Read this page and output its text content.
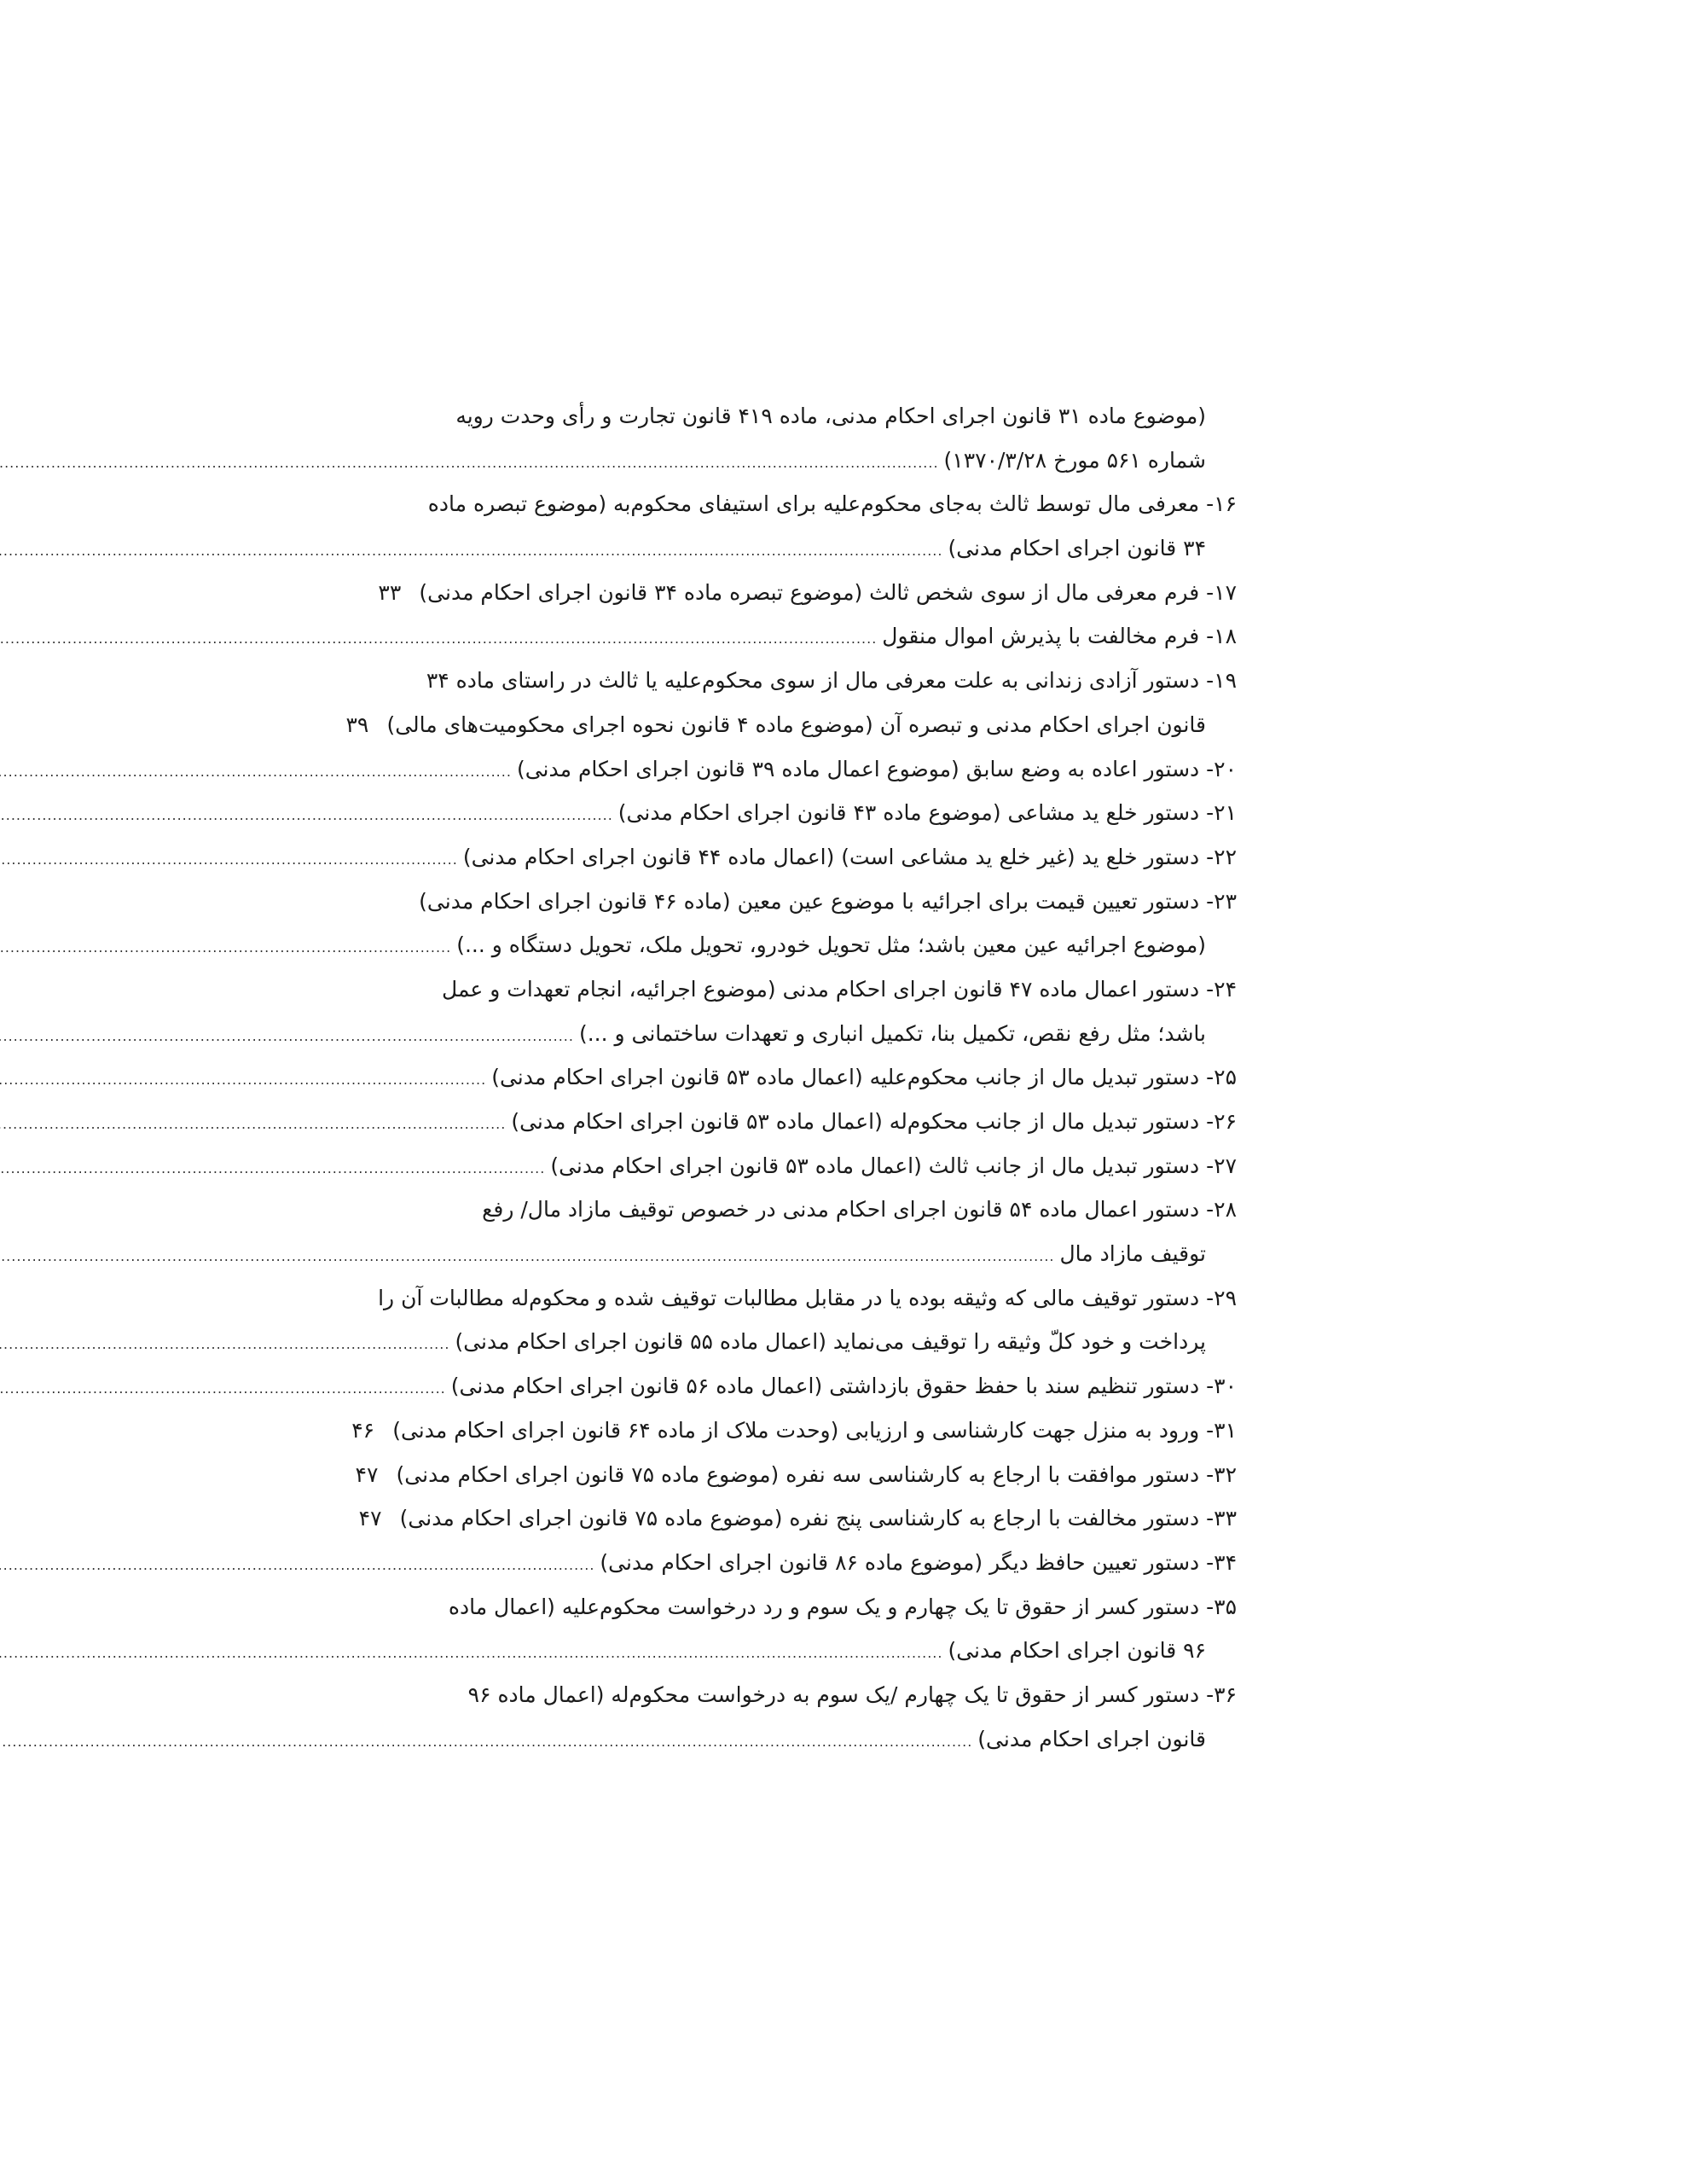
(موضوع ماده ۳۱ قانون اجرای احکام مدنی، ماده ۴۱۹ قانون تجارت و رأی وحدت رویه
شماره ۵۶۱ مورخ ۱۳۷۰/۳/۲۸)
.....
۱۶- معرفی مال توسط ثالث به‌جای محکوم‌علیه برای استیفای محکوم‌به (موضوع تبصره ماده
۳۴ قانون اجرای احکام مدنی)
.....
۱۷- فرم معرفی مال از سوی شخص ثالث (موضوع تبصره ماده ۳۴ قانون اجرای احکام مدنی)
۳۳
۱۸- فرم مخالفت با پذیرش اموال منقول
.....
۱۹- دستور آزادی زندانی به علت معرفی مال از سوی محکوم‌علیه یا ثالث در راستای ماده ۳۴
قانون اجرای احکام مدنی و تبصره آن (موضوع ماده ۴ قانون نحوه اجرای محکومیت‌های مالی)
۳۹
۲۰- دستور اعاده به وضع سابق (موضوع اعمال ماده ۳۹ قانون اجرای احکام مدنی)
.....
۲۱- دستور خلع ید مشاعی (موضوع ماده ۴۳ قانون اجرای احکام مدنی)
.....
۲۲- دستور خلع ید (غیر خلع ید مشاعی است) (اعمال ماده ۴۴ قانون اجرای احکام مدنی)
.....
۲۳- دستور تعیین قیمت برای اجرائیه با موضوع عین معین (ماده ۴۶ قانون اجرای احکام مدنی)
(موضوع اجرائیه عین معین باشد؛ مثل تحویل خودرو، تحویل ملک، تحویل دستگاه و ...)
.....
۲۴- دستور اعمال ماده ۴۷ قانون اجرای احکام مدنی (موضوع اجرائیه، انجام تعهدات و عمل
باشد؛ مثل رفع نقص، تکمیل بنا، تکمیل انباری و تعهدات ساختمانی و ...)
.....
۲۵- دستور تبدیل مال از جانب محکوم‌علیه (اعمال ماده ۵۳ قانون اجرای احکام مدنی)
.....
۲۶- دستور تبدیل مال از جانب محکوم‌له (اعمال ماده ۵۳ قانون اجرای احکام مدنی)
.....
۲۷- دستور تبدیل مال از جانب ثالث (اعمال ماده ۵۳ قانون اجرای احکام مدنی)
.....
۲۸- دستور اعمال ماده ۵۴ قانون اجرای احکام مدنی در خصوص توقیف مازاد مال/ رفع
توقیف مازاد مال
.....
۲۹- دستور توقیف مالی که وثیقه بوده یا در مقابل مطالبات توقیف شده و محکوم‌له مطالبات آن را
پرداخت و خود کلّ وثیقه را توقیف می‌نماید (اعمال ماده ۵۵ قانون اجرای احکام مدنی)
.....
۳۰- دستور تنظیم سند با حفظ حقوق بازداشتی (اعمال ماده ۵۶ قانون اجرای احکام مدنی)
.....
۳۱- ورود به منزل جهت کارشناسی و ارزیابی (وحدت ملاک از ماده ۶۴ قانون اجرای احکام مدنی)
۴۶
۳۲- دستور موافقت با ارجاع به کارشناسی سه نفره (موضوع ماده ۷۵ قانون اجرای احکام مدنی)
۴۷
۳۳- دستور مخالفت با ارجاع به کارشناسی پنج نفره (موضوع ماده ۷۵ قانون اجرای احکام مدنی)
۴۷
۳۴- دستور تعیین حافظ دیگر (موضوع ماده ۸۶ قانون اجرای احکام مدنی)
.....
۳۵- دستور کسر از حقوق تا یک چهارم و یک سوم و رد درخواست محکوم‌علیه (اعمال ماده
۹۶ قانون اجرای احکام مدنی)
.....
۳۶- دستور کسر از حقوق تا یک چهارم /یک سوم به درخواست محکوم‌له (اعمال ماده ۹۶
قانون اجرای احکام مدنی)
.....
